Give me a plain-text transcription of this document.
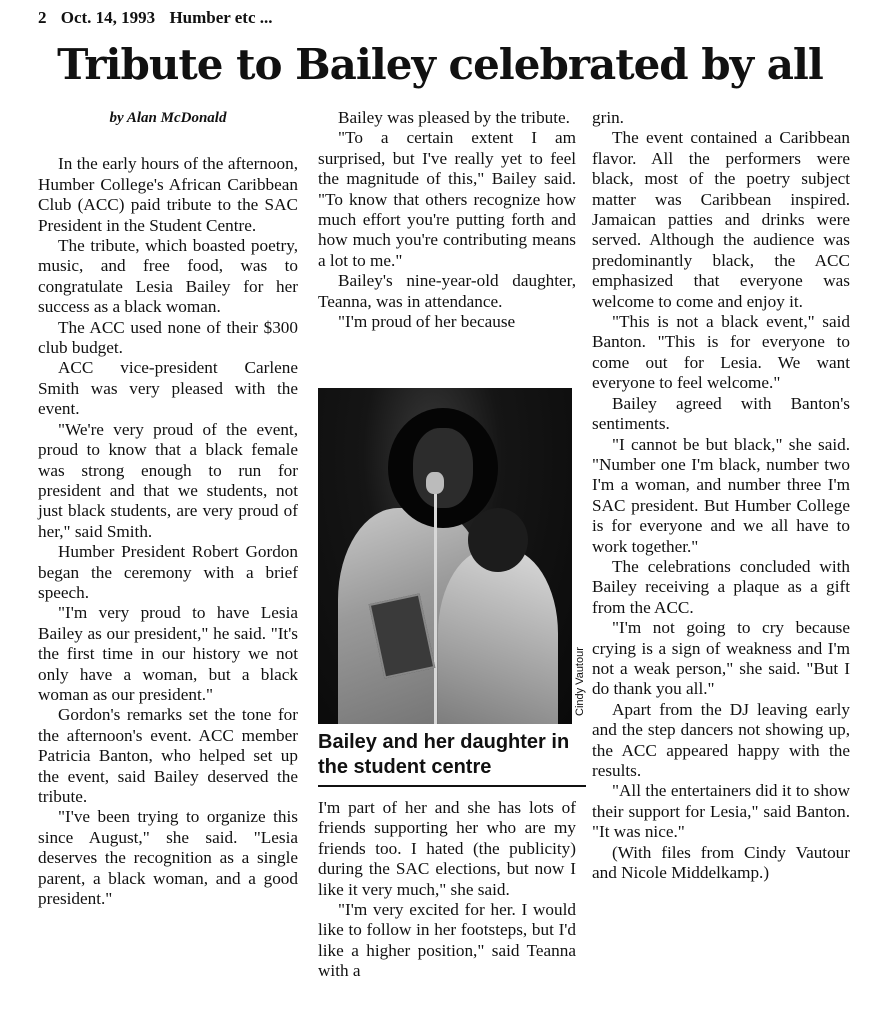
2 Oct. 14, 1993 Humber etc ...
Tribute to Bailey celebrated by all

by Alan McDonald

In the early hours of the afternoon, Humber College's African Caribbean Club (ACC) paid tribute to the SAC President in the Student Centre.

The tribute, which boasted poetry, music, and free food, was to congratulate Lesia Bailey for her success as a black woman.

The ACC used none of their $300 club budget.

ACC vice-president Carlene Smith was very pleased with the event.

"We're very proud of the event, proud to know that a black female was strong enough to run for president and that we students, not just black students, are very proud of her," said Smith.

Humber President Robert Gordon began the ceremony with a brief speech.

"I'm very proud to have Lesia Bailey as our president," he said. "It's the first time in our history we not only have a woman, but a black woman as our president."

Gordon's remarks set the tone for the afternoon's event. ACC member Patricia Banton, who helped set up the event, said Bailey deserved the tribute.

"I've been trying to organize this since August," she said. "Lesia deserves the recognition as a single parent, a black woman, and a good president."

Bailey was pleased by the tribute.

"To a certain extent I am surprised, but I've really yet to feel the magnitude of this," Bailey said. "To know that others recognize how much effort you're putting forth and how much you're contributing means a lot to me."

Bailey's nine-year-old daughter, Teanna, was in attendance.

"I'm proud of her because

Cindy Vautour
Bailey and her daughter in the student centre

I'm part of her and she has lots of friends supporting her who are my friends too. I hated (the publicity) during the SAC elections, but now I like it very much," she said.

"I'm very excited for her. I would like to follow in her footsteps, but I'd like a higher position," said Teanna with a

grin.

The event contained a Caribbean flavor. All the performers were black, most of the poetry subject matter was Caribbean inspired. Jamaican patties and drinks were served. Although the audience was predominantly black, the ACC emphasized that everyone was welcome to come and enjoy it.

"This is not a black event," said Banton. "This is for everyone to come out for Lesia. We want everyone to feel welcome."

Bailey agreed with Banton's sentiments.

"I cannot be but black," she said. "Number one I'm black, number two I'm a woman, and number three I'm SAC president. But Humber College is for everyone and we all have to work together."

The celebrations concluded with Bailey receiving a plaque as a gift from the ACC.

"I'm not going to cry because crying is a sign of weakness and I'm not a weak person," she said. "But I do thank you all."

Apart from the DJ leaving early and the step dancers not showing up, the ACC appeared happy with the results.

"All the entertainers did it to show their support for Lesia," said Banton. "It was nice."

(With files from Cindy Vautour and Nicole Middelkamp.)
